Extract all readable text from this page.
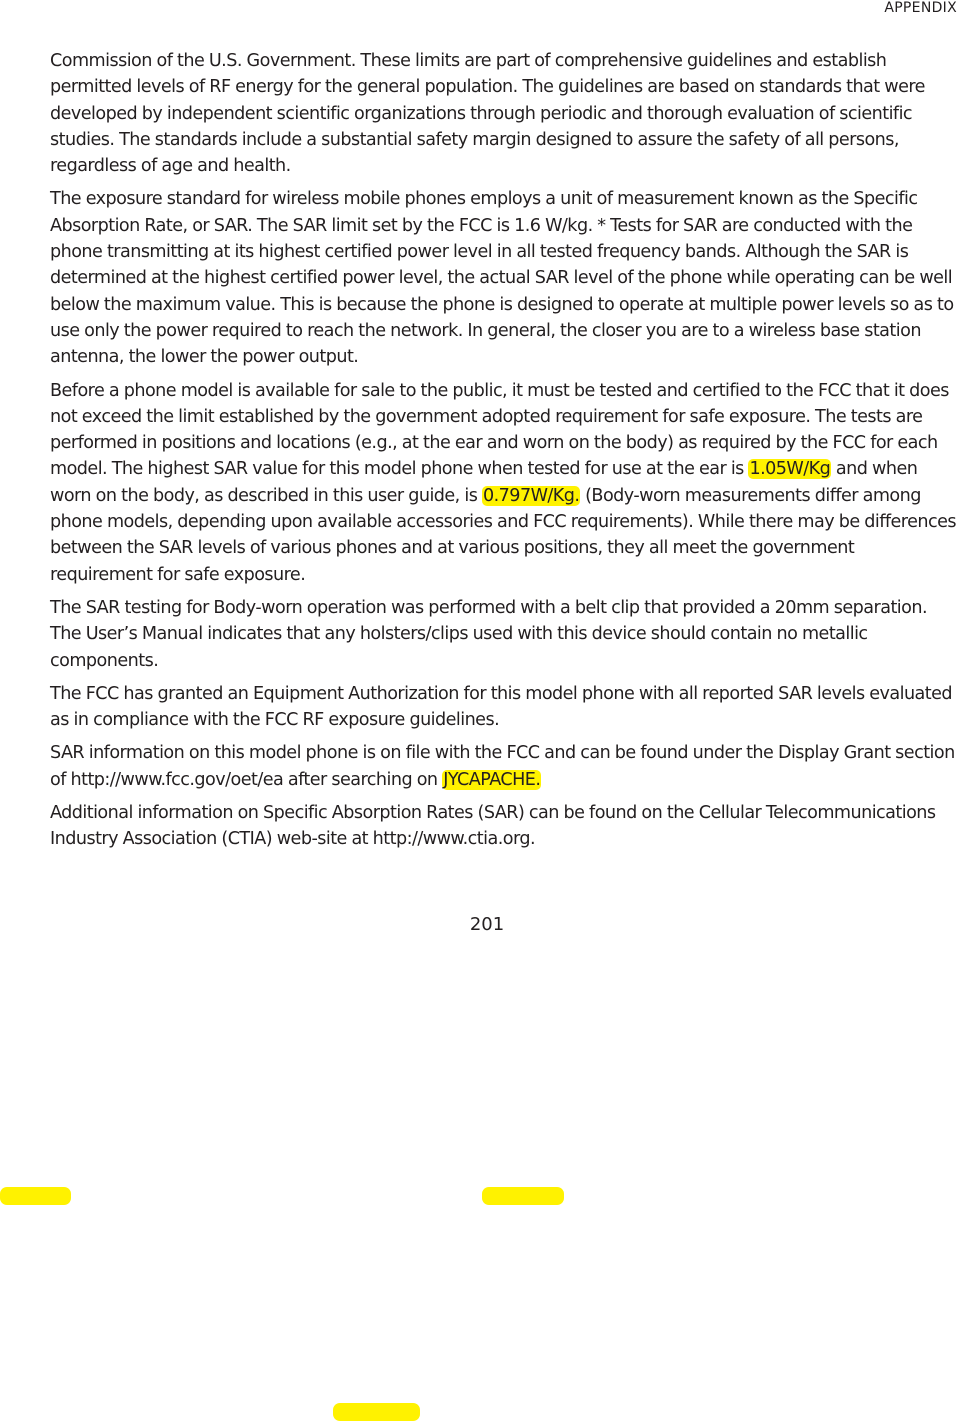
APPENDIX

Commission of the U.S. Government. These limits are part of comprehensive guidelines and establish permitted levels of RF energy for the general population. The guidelines are based on standards that were developed by independent scientific organizations through periodic and thorough evaluation of scientific studies. The standards include a substantial safety margin designed to assure the safety of all persons, regardless of age and health.

The exposure standard for wireless mobile phones employs a unit of measurement known as the Specific Absorption Rate, or SAR. The SAR limit set by the FCC is 1.6 W/kg. * Tests for SAR are conducted with the phone transmitting at its highest certified power level in all tested frequency bands. Although the SAR is determined at the highest certified power level, the actual SAR level of the phone while operating can be well below the maximum value. This is because the phone is designed to operate at multiple power levels so as to use only the power required to reach the network. In general, the closer you are to a wireless base station antenna, the lower the power output.

Before a phone model is available for sale to the public, it must be tested and certified to the FCC that it does not exceed the limit established by the government adopted requirement for safe exposure. The tests are performed in positions and locations (e.g., at the ear and worn on the body) as required by the FCC for each model. The highest SAR value for this model phone when tested for use at the ear is 1.05W/Kg and when worn on the body, as described in this user guide, is 0.797W/Kg. (Body-worn measurements differ among phone models, depending upon available accessories and FCC requirements). While there may be differences between the SAR levels of various phones and at various positions, they all meet the government requirement for safe exposure.

The SAR testing for Body-worn operation was performed with a belt clip that provided a 20mm separation. The User’s Manual indicates that any holsters/clips used with this device should contain no metallic components.

The FCC has granted an Equipment Authorization for this model phone with all reported SAR levels evaluated as in compliance with the FCC RF exposure guidelines.

SAR information on this model phone is on file with the FCC and can be found under the Display Grant section of http://www.fcc.gov/oet/ea after searching on JYCAPACHE.

Additional information on Specific Absorption Rates (SAR) can be found on the Cellular Telecommunications Industry Association (CTIA) web-site at http://www.ctia.org.

201
